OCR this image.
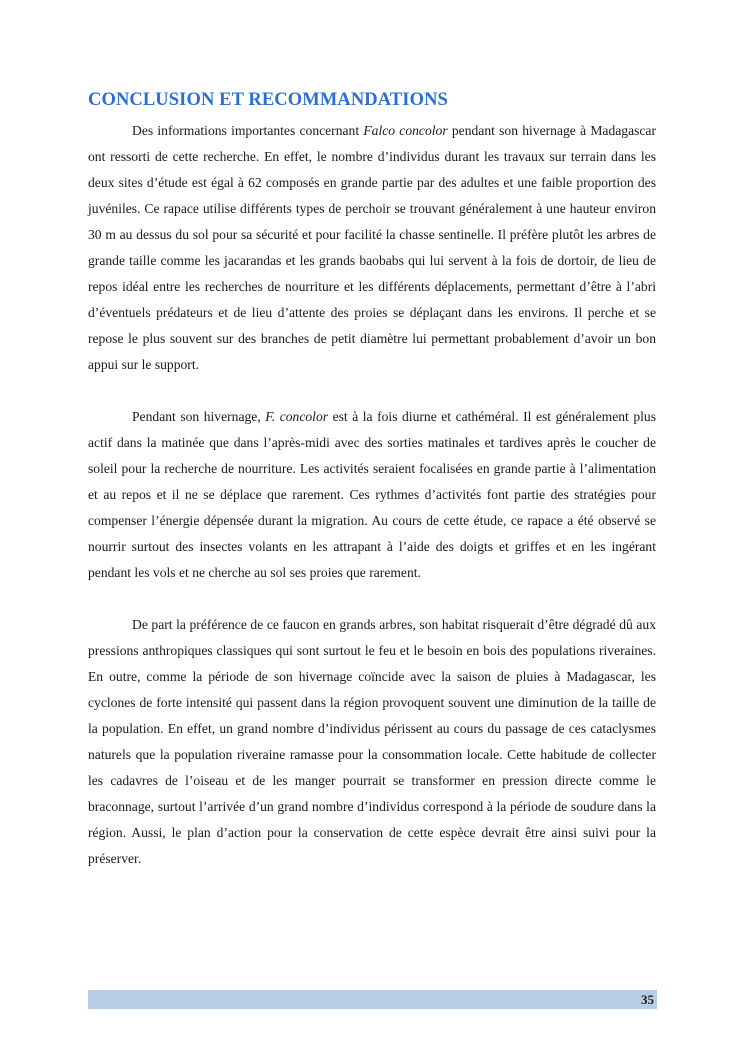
CONCLUSION ET RECOMMANDATIONS

Des informations importantes concernant Falco concolor pendant son hivernage à Madagascar ont ressorti de cette recherche. En effet, le nombre d’individus durant les travaux sur terrain dans les deux sites d’étude est égal à 62 composés en grande partie par des adultes et une faible proportion des juvéniles. Ce rapace utilise différents types de perchoir se trouvant généralement à une hauteur environ 30 m au dessus du sol pour sa sécurité et pour facilité la chasse sentinelle. Il préfère plutôt les arbres de grande taille comme les jacarandas et les grands baobabs qui lui servent à la fois de dortoir, de lieu de repos idéal entre les recherches de nourriture et les différents déplacements, permettant d’être à l’abri d’éventuels prédateurs et de lieu d’attente des proies se déplaçant dans les environs. Il perche et se repose le plus souvent sur des branches de petit diamètre lui permettant probablement d’avoir un bon appui sur le support.

Pendant son hivernage, F. concolor est à la fois diurne et cathéméral. Il est généralement plus actif dans la matinée que dans l’après-midi avec des sorties matinales et tardives après le coucher de soleil pour la recherche de nourriture. Les activités seraient focalisées en grande partie à l’alimentation et au repos et il ne se déplace que rarement. Ces rythmes d’activités font partie des stratégies pour compenser l’énergie dépensée durant la migration. Au cours de cette étude, ce rapace a été observé se nourrir surtout des insectes volants en les attrapant à l’aide des doigts et griffes et en les ingérant pendant les vols et ne cherche au sol ses proies que rarement.

De part la préférence de ce faucon en grands arbres, son habitat risquerait d’être dégradé dû aux pressions anthropiques classiques qui sont surtout le feu et le besoin en bois des populations riveraines. En outre, comme la période de son hivernage coïncide avec la saison de pluies à Madagascar, les cyclones de forte intensité qui passent dans la région provoquent souvent une diminution de la taille de la population. En effet, un grand nombre d’individus périssent au cours du passage de ces cataclysmes naturels que la population riveraine ramasse pour la consommation locale. Cette habitude de collecter les cadavres de l’oiseau et de les manger pourrait se transformer en pression directe comme le braconnage, surtout l’arrivée d’un grand nombre d’individus correspond à la période de soudure dans la région. Aussi, le plan d’action pour la conservation de cette espèce devrait être ainsi suivi pour la préserver.

35
